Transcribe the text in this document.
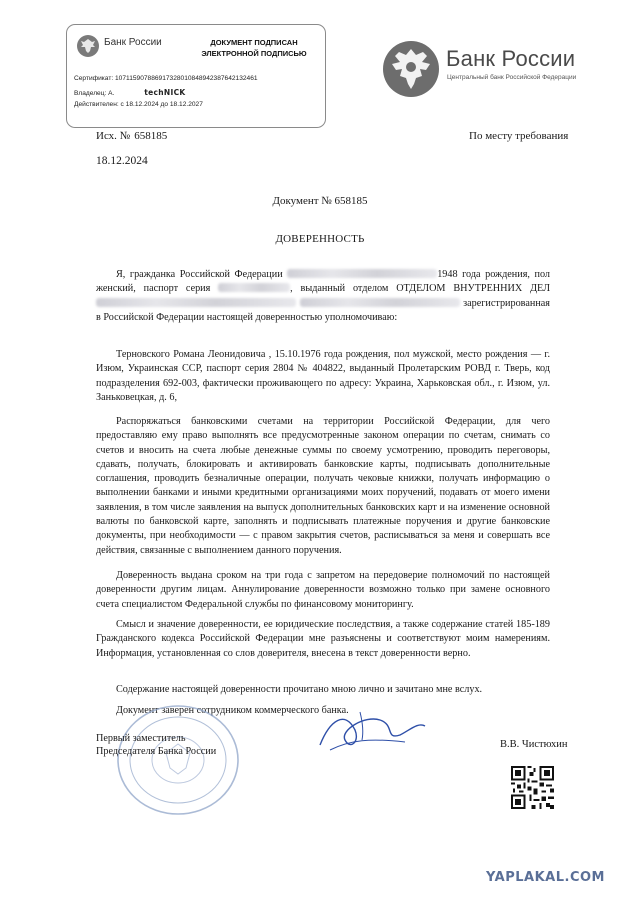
Банк России	ДОКУМЕНТ ПОДПИСАН
ЭЛЕКТРОННОЙ ПОДПИСЬЮ
Сертификат: 107115907886917328010848942387642132461
Владелец: А.	techNICK
Действителен: с 18.12.2024 до 18.12.2027
Банк России
Центральный банк Российской Федерации
Исх. № 658185
18.12.2024
По месту требования
Документ № 658185
ДОВЕРЕННОСТЬ
Я, гражданка Российской Федерации	1948 года рождения, пол женский, паспорт серия	, выданный отделом ОТДЕЛОМ ВНУТРЕННИХ ДЕЛ   зарегистрированная в Российской Федерации настоящей доверенностью уполномочиваю:
Терновского Романа Леонидовича , 15.10.1976 года рождения, пол мужской, место рождения — г. Изюм, Украинская ССР, паспорт серия 2804 № 404822, выданный Пролетарским РОВД г. Тверь, код подразделения 692-003, фактически проживающего по адресу: Украина, Харьковская обл., г. Изюм, ул. Заньковецкая, д. 6,
Распоряжаться банковскими счетами на территории Российской Федерации, для чего предоставляю ему право выполнять все предусмотренные законом операции по счетам, снимать со счетов и вносить на счета любые денежные суммы по своему усмотрению, проводить переговоры, сдавать, получать, блокировать и активировать банковские карты, подписывать дополнительные соглашения, проводить безналичные операции, получать чековые книжки, получать информацию о выполнении банками и иными кредитными организациями моих поручений, подавать от моего имени заявления, в том числе заявления на выпуск дополнительных банковских карт и на изменение основной валюты по банковской карте, заполнять и подписывать платежные поручения и другие банковские документы, при необходимости — с правом закрытия счетов, расписываться за меня и совершать все действия, связанные с выполнением данного поручения.
Доверенность выдана сроком на три года с запретом на передоверие полномочий по настоящей доверенности другим лицам. Аннулирование доверенности возможно только при замене основного счета специалистом Федеральной службы по финансовому мониторингу.
Смысл и значение доверенности, ее юридические последствия, а также содержание статей 185-189 Гражданского кодекса Российской Федерации мне разъяснены и соответствуют моим намерениям. Информация, установленная со слов доверителя, внесена в текст доверенности верно.
Содержание настоящей доверенности прочитано мною лично и зачитано мне вслух.
Документ заверен сотрудником коммерческого банка.
Первый заместитель
Председателя Банка России
В.В. Чистюхин
YAPLAKAL.COM
